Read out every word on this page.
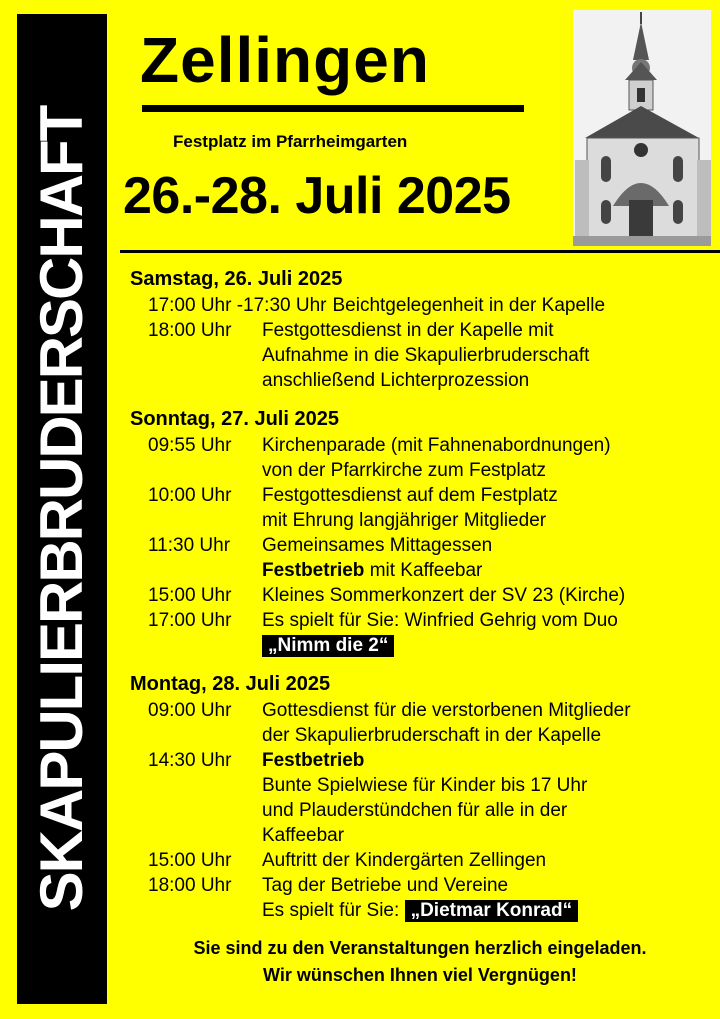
SKAPULIERBRUDERSCHAFT
Zellingen
Festplatz im Pfarrheimgarten
26.-28. Juli 2025
Samstag, 26. Juli 2025
17:00 Uhr -17:30 Uhr Beichtgelegenheit in der Kapelle
18:00 Uhr	Festgottesdienst in der Kapelle mit
Aufnahme in die Skapulierbruderschaft
anschließend Lichterprozession
Sonntag, 27. Juli 2025
09:55 Uhr	Kirchenparade (mit Fahnenabordnungen)
von der Pfarrkirche zum Festplatz
10:00 Uhr	Festgottesdienst auf dem Festplatz
mit Ehrung langjähriger Mitglieder
11:30 Uhr	Gemeinsames Mittagessen
Festbetrieb mit Kaffeebar
15:00 Uhr	Kleines Sommerkonzert der SV 23 (Kirche)
17:00 Uhr	Es spielt für Sie: Winfried Gehrig vom Duo
„Nimm die 2“
Montag, 28. Juli 2025
09:00 Uhr	Gottesdienst für die verstorbenen Mitglieder
der Skapulierbruderschaft in der Kapelle
14:30 Uhr	Festbetrieb
Bunte Spielwiese für Kinder bis 17 Uhr
und Plauderstündchen für alle in der
Kaffeebar
15:00 Uhr	Auftritt der Kindergärten Zellingen
18:00 Uhr	Tag der Betriebe und Vereine
Es spielt für Sie: „Dietmar Konrad“
Sie sind zu den Veranstaltungen herzlich eingeladen.
Wir wünschen Ihnen viel Vergnügen!
